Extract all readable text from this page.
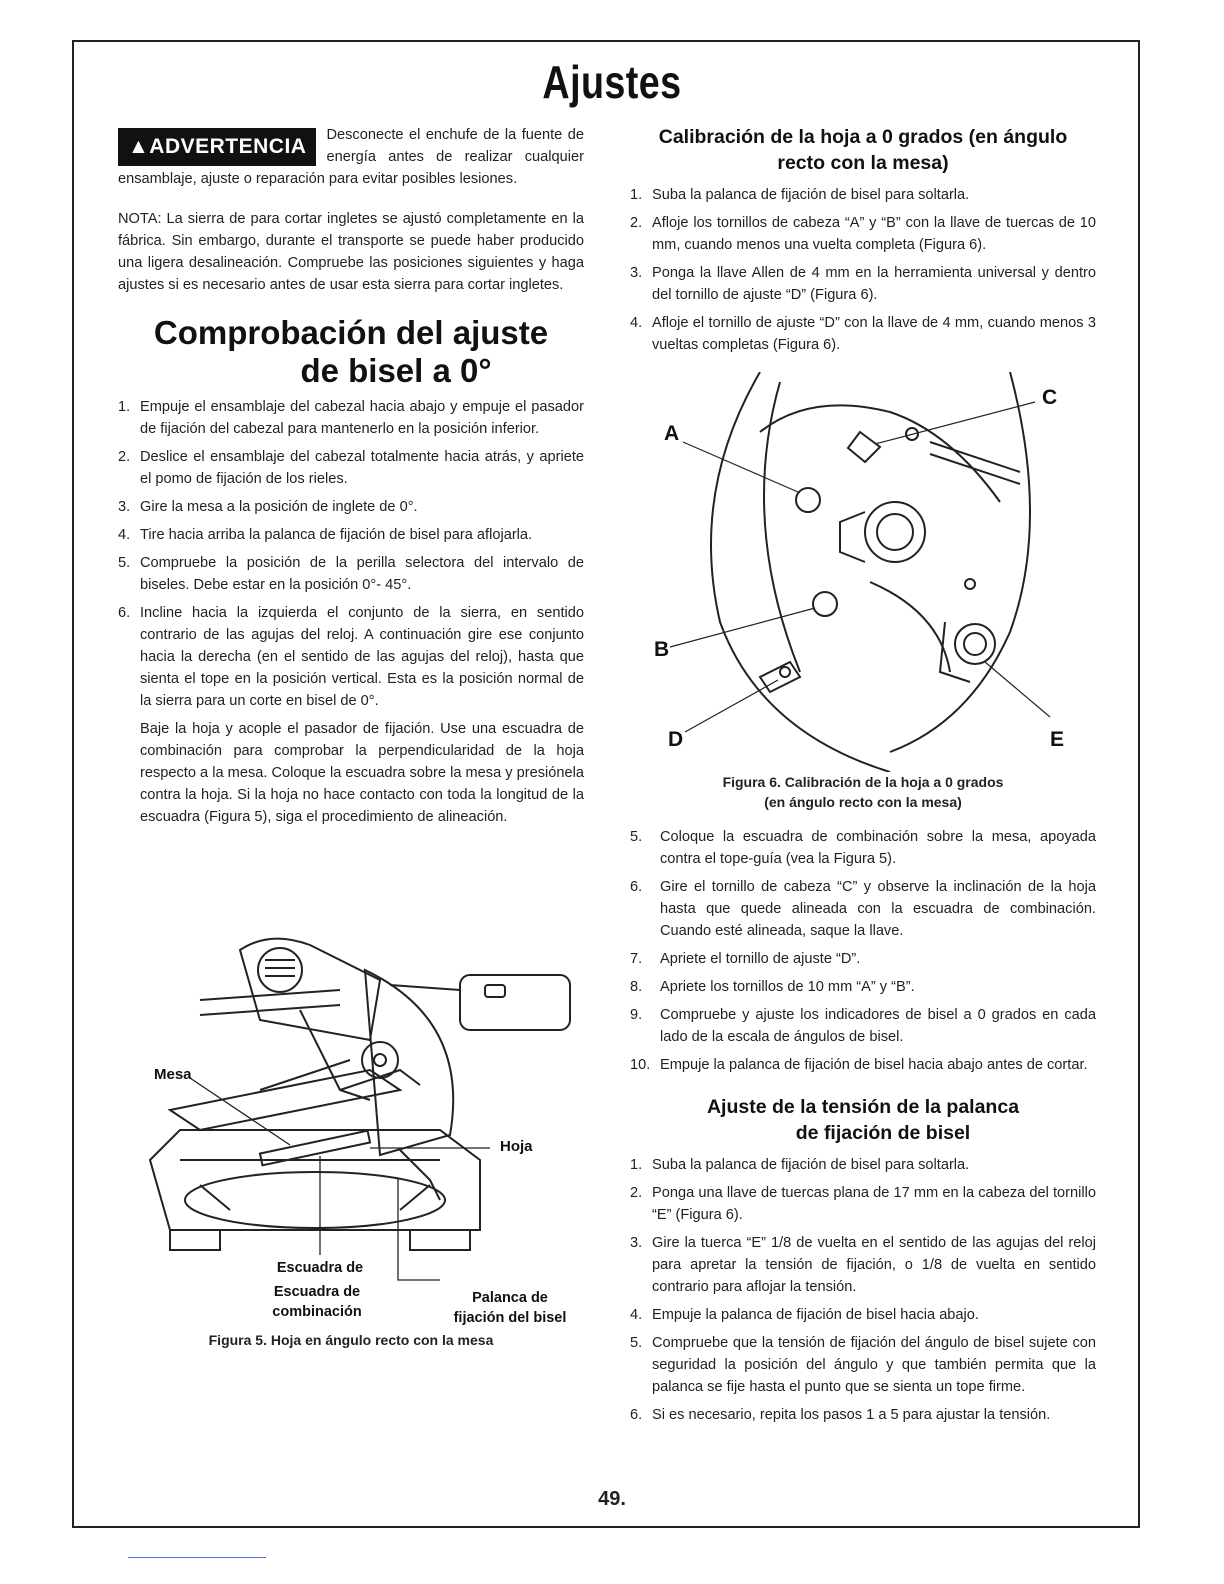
Ajustes
▲ADVERTENCIA	Desconecte el enchufe de la fuente de energía antes de realizar cualquier ensamblaje, ajuste o reparación para evitar posibles lesiones.
NOTA: La sierra de para cortar ingletes se ajustó completamente en la fábrica. Sin embargo, durante el transporte se puede haber producido una ligera desalineación. Compruebe las posiciones siguientes y haga ajustes si es necesario antes de usar esta sierra para cortar ingletes.
Comprobación del ajuste
de bisel a 0°
1. Empuje el ensamblaje del cabezal hacia abajo y empuje el pasador de fijación del cabezal para mantenerlo en la posición inferior.
2. Deslice el ensamblaje del cabezal totalmente hacia atrás, y apriete el pomo de fijación de los rieles.
3. Gire la mesa a la posición de inglete de 0°.
4. Tire hacia arriba la palanca de fijación de bisel para aflojarla.
5. Compruebe la posición de la perilla selectora del intervalo de biseles. Debe estar en la posición 0°- 45°.
6. Incline hacia la izquierda el conjunto de la sierra, en sentido contrario de las agujas del reloj. A continuación gire ese conjunto hacia la derecha (en el sentido de las agujas del reloj), hasta que sienta el tope en la posición vertical. Esta es la posición normal de la sierra para un corte en bisel de 0°.

Baje la hoja y acople el pasador de fijación. Use una escuadra de combinación para comprobar la perpendicularidad de la hoja respecto a la mesa. Coloque la escuadra sobre la mesa y presiónela contra la hoja. Si la hoja no hace contacto con toda la longitud de la escuadra (Figura 5), siga el procedimiento de alineación.

Mesa
Hoja
Escuadra de
Escuadra de
combinación
Palanca de
fijación del bisel
Figura 5. Hoja en ángulo recto con la mesa
Calibración de la hoja a 0 grados (en ángulo
recto con la mesa)
1. Suba la palanca de fijación de bisel para soltarla.
2. Afloje los tornillos de cabeza “A” y “B” con la llave de tuercas de 10 mm, cuando menos una vuelta completa (Figura 6).
3. Ponga la llave Allen de 4 mm en la herramienta universal y dentro del tornillo de ajuste “D” (Figura 6).
4. Afloje el tornillo de ajuste “D” con la llave de 4 mm, cuando menos 3 vueltas completas (Figura 6).
A
B
C
D	E
Figura 6. Calibración de la hoja a 0 grados
(en ángulo recto con la mesa)
5. Coloque la escuadra de combinación sobre la mesa, apoyada contra el tope-guía (vea la Figura 5).
6. Gire el tornillo de cabeza “C” y observe la inclinación de la hoja hasta que quede alineada con la escuadra de combinación. Cuando esté alineada, saque la llave.
7. Apriete el tornillo de ajuste “D”.
8. Apriete los tornillos de 10 mm “A” y “B”.
9. Compruebe y ajuste los indicadores de bisel a 0 grados en cada lado de la escala de ángulos de bisel.
10. Empuje la palanca de fijación de bisel hacia abajo antes de cortar.
Ajuste de la tensión de la palanca
de fijación de bisel
1. Suba la palanca de fijación de bisel para soltarla.
2. Ponga una llave de tuercas plana de 17 mm en la cabeza del tornillo “E” (Figura 6).
3. Gire la tuerca “E” 1/8 de vuelta en el sentido de las agujas del reloj para apretar la tensión de fijación, o 1/8 de vuelta en sentido contrario para aflojar la tensión.
4. Empuje la palanca de fijación de bisel hacia abajo.
5. Compruebe que la tensión de fijación del ángulo de bisel sujete con seguridad la posición del ángulo y que también permita que la palanca se fije hasta el punto que se sienta un tope firme.
6. Si es necesario, repita los pasos 1 a 5 para ajustar la tensión.
49.
